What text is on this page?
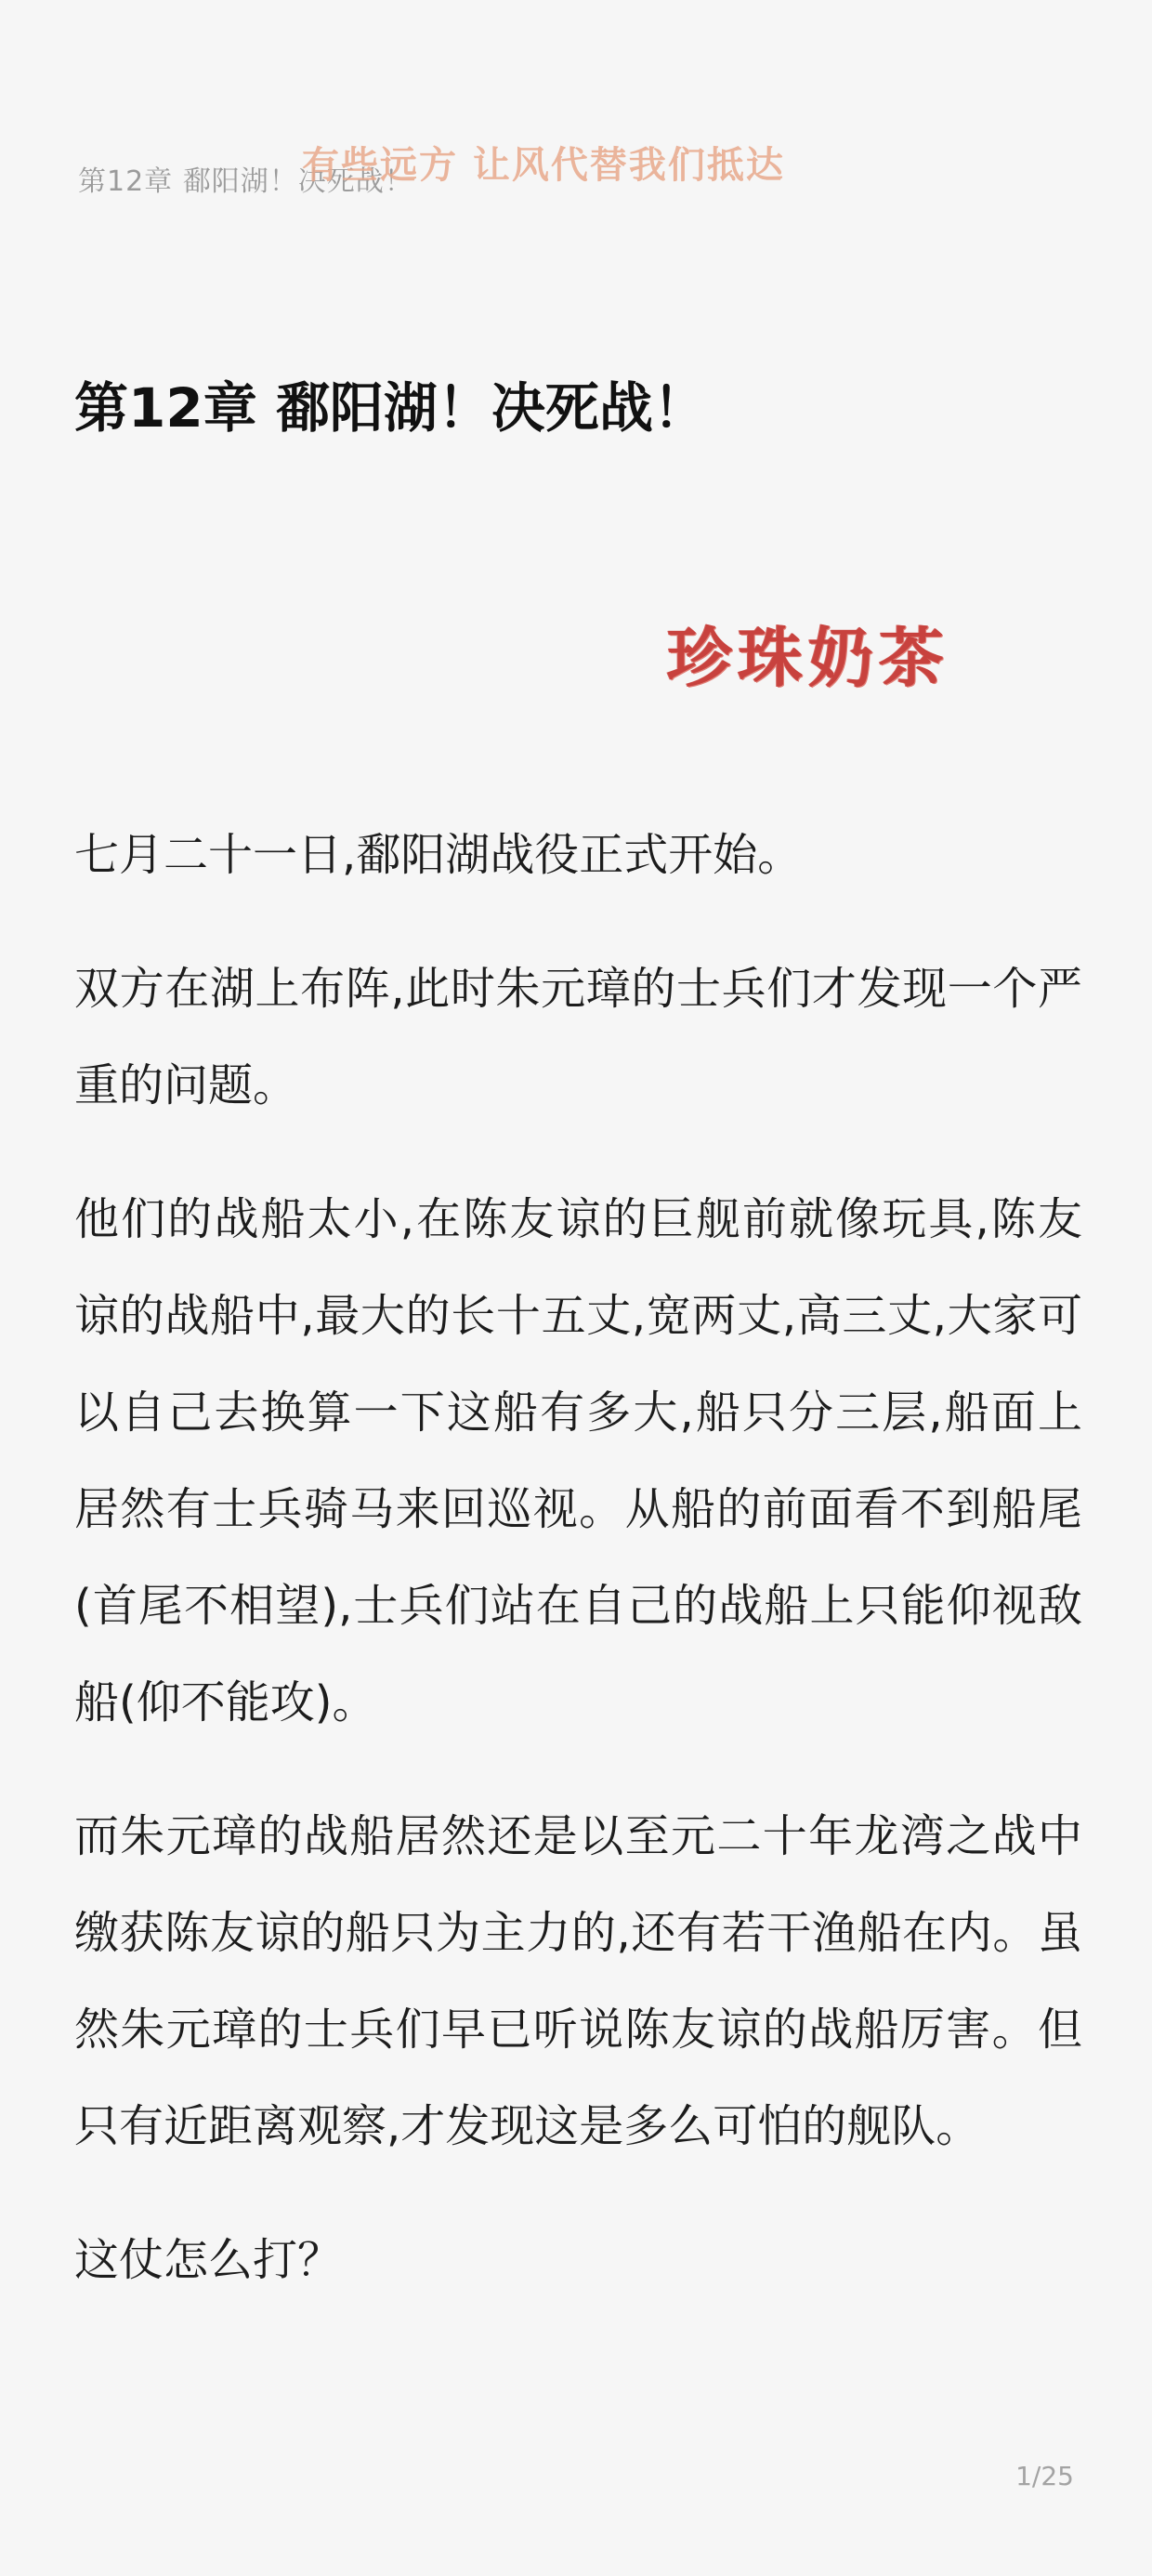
第12章 鄱阳湖！决死战！
有些远方 让风代替我们抵达
第12章 鄱阳湖！决死战！
珍珠奶茶

七月二十一日,鄱阳湖战役正式开始。

双方在湖上布阵,此时朱元璋的士兵们才发现一个严重的问题。

他们的战船太小,在陈友谅的巨舰前就像玩具,陈友谅的战船中,最大的长十五丈,宽两丈,高三丈,大家可以自己去换算一下这船有多大,船只分三层,船面上居然有士兵骑马来回巡视。从船的前面看不到船尾(首尾不相望),士兵们站在自己的战船上只能仰视敌船(仰不能攻)。

而朱元璋的战船居然还是以至元二十年龙湾之战中缴获陈友谅的船只为主力的,还有若干渔船在内。虽然朱元璋的士兵们早已听说陈友谅的战船厉害。但只有近距离观察,才发现这是多么可怕的舰队。

这仗怎么打？

1/25
